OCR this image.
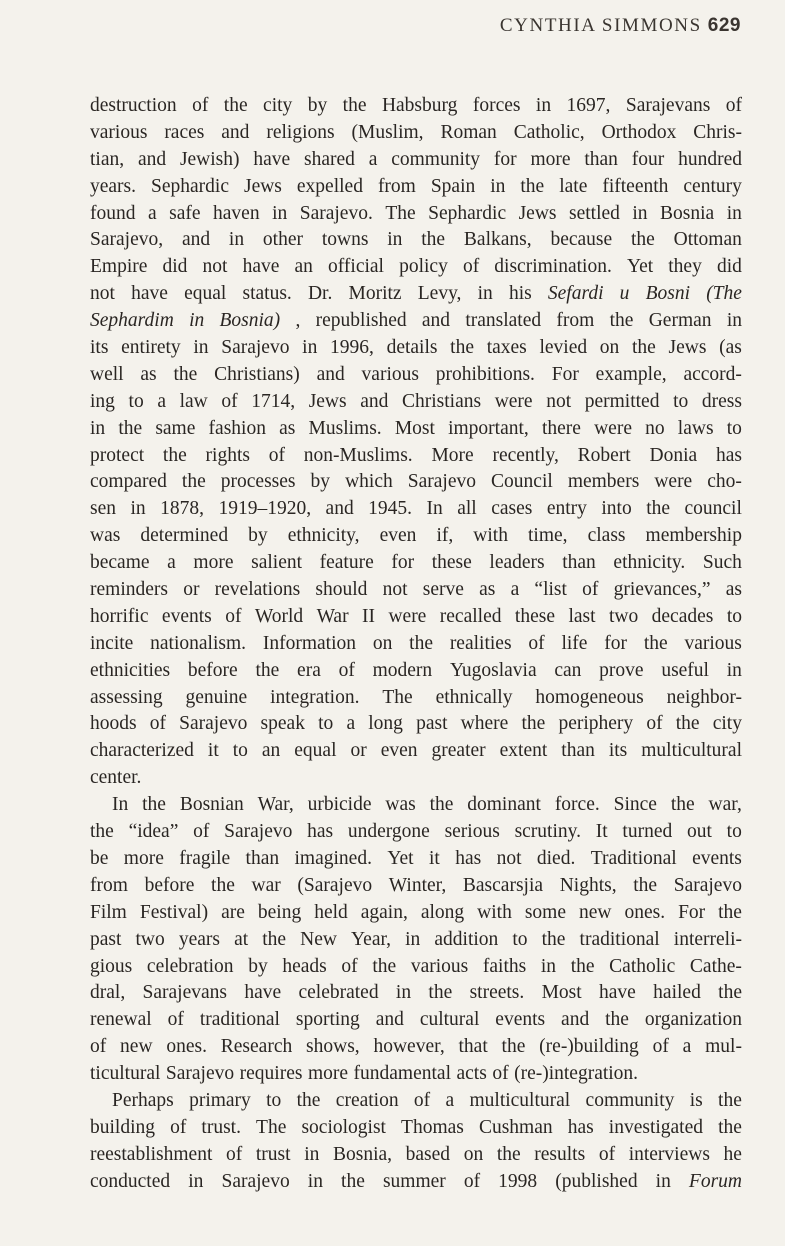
CYNTHIA SIMMONS 629
destruction of the city by the Habsburg forces in 1697, Sarajevans of
various races and religions (Muslim, Roman Catholic, Orthodox Chris-
tian, and Jewish) have shared a community for more than four hundred
years. Sephardic Jews expelled from Spain in the late fifteenth century
found a safe haven in Sarajevo. The Sephardic Jews settled in Bosnia in
Sarajevo, and in other towns in the Balkans, because the Ottoman
Empire did not have an official policy of discrimination. Yet they did
not have equal status. Dr. Moritz Levy, in his Sefardi u Bosni (The
Sephardim in Bosnia) , republished and translated from the German in
its entirety in Sarajevo in 1996, details the taxes levied on the Jews (as
well as the Christians) and various prohibitions. For example, accord-
ing to a law of 1714, Jews and Christians were not permitted to dress
in the same fashion as Muslims. Most important, there were no laws to
protect the rights of non-Muslims. More recently, Robert Donia has
compared the processes by which Sarajevo Council members were cho-
sen in 1878, 1919–1920, and 1945. In all cases entry into the council
was determined by ethnicity, even if, with time, class membership
became a more salient feature for these leaders than ethnicity. Such
reminders or revelations should not serve as a “list of grievances,” as
horrific events of World War II were recalled these last two decades to
incite nationalism. Information on the realities of life for the various
ethnicities before the era of modern Yugoslavia can prove useful in
assessing genuine integration. The ethnically homogeneous neighbor-
hoods of Sarajevo speak to a long past where the periphery of the city
characterized it to an equal or even greater extent than its multicultural
center.
In the Bosnian War, urbicide was the dominant force. Since the war,
the “idea” of Sarajevo has undergone serious scrutiny. It turned out to
be more fragile than imagined. Yet it has not died. Traditional events
from before the war (Sarajevo Winter, Bascarsjia Nights, the Sarajevo
Film Festival) are being held again, along with some new ones. For the
past two years at the New Year, in addition to the traditional interreli-
gious celebration by heads of the various faiths in the Catholic Cathe-
dral, Sarajevans have celebrated in the streets. Most have hailed the
renewal of traditional sporting and cultural events and the organization
of new ones. Research shows, however, that the (re-)building of a mul-
ticultural Sarajevo requires more fundamental acts of (re-)integration.
Perhaps primary to the creation of a multicultural community is the
building of trust. The sociologist Thomas Cushman has investigated the
reestablishment of trust in Bosnia, based on the results of interviews he
conducted in Sarajevo in the summer of 1998 (published in Forum
